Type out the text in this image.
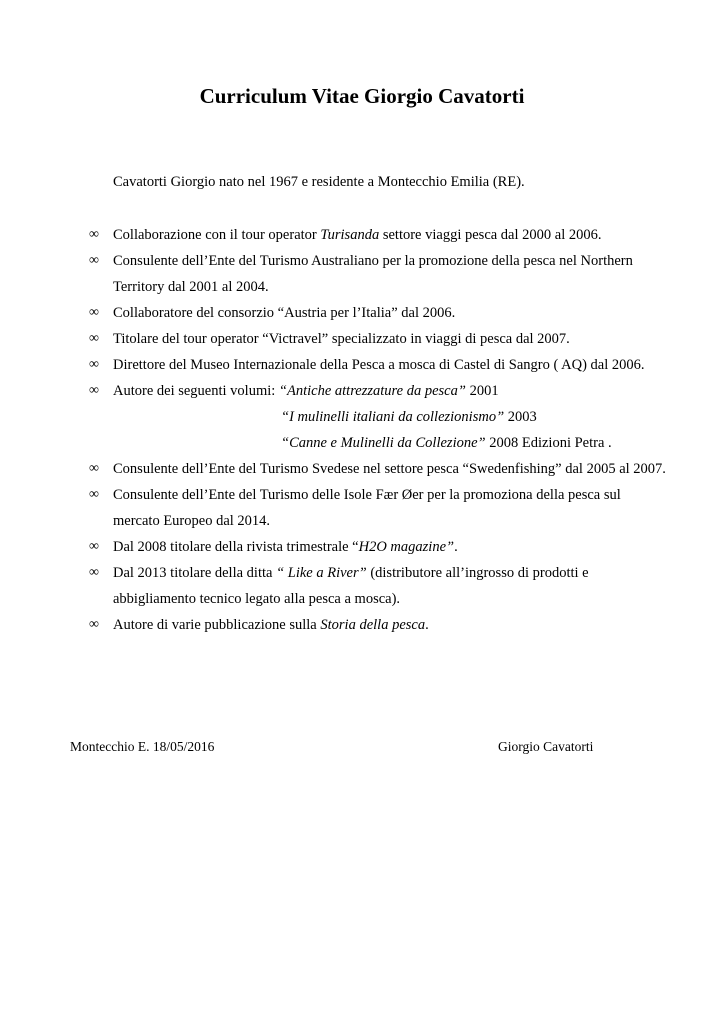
Curriculum Vitae Giorgio Cavatorti

Cavatorti Giorgio nato nel 1967 e residente a Montecchio Emilia (RE).

∞ Collaborazione con il tour operator Turisanda settore viaggi pesca dal 2000 al 2006.
∞ Consulente dell’Ente del Turismo Australiano per la promozione della pesca nel Northern Territory dal 2001 al 2004.
∞ Collaboratore del consorzio “Austria per l’Italia” dal 2006.
∞ Titolare del tour operator “Victravel” specializzato in viaggi di pesca dal 2007.
∞ Direttore del Museo Internazionale della Pesca a mosca di Castel di Sangro ( AQ) dal 2006.
∞ Autore dei seguenti volumi: “Antiche attrezzature da pesca” 2001
“I mulinelli italiani da collezionismo” 2003
“Canne e Mulinelli da Collezione” 2008 Edizioni Petra .
∞ Consulente dell’Ente del Turismo Svedese nel settore pesca “Swedenfishing” dal 2005 al 2007.
∞ Consulente dell’Ente del Turismo delle Isole Fær Øer per la promoziona della pesca sul mercato Europeo dal 2014.
∞ Dal 2008 titolare della rivista trimestrale “H2O magazine”.
∞ Dal 2013 titolare della ditta “ Like a River” (distributore all’ingrosso di prodotti e abbigliamento tecnico legato alla pesca a mosca).
∞ Autore di varie pubblicazione sulla Storia della pesca.

Montecchio E. 18/05/2016	Giorgio Cavatorti
